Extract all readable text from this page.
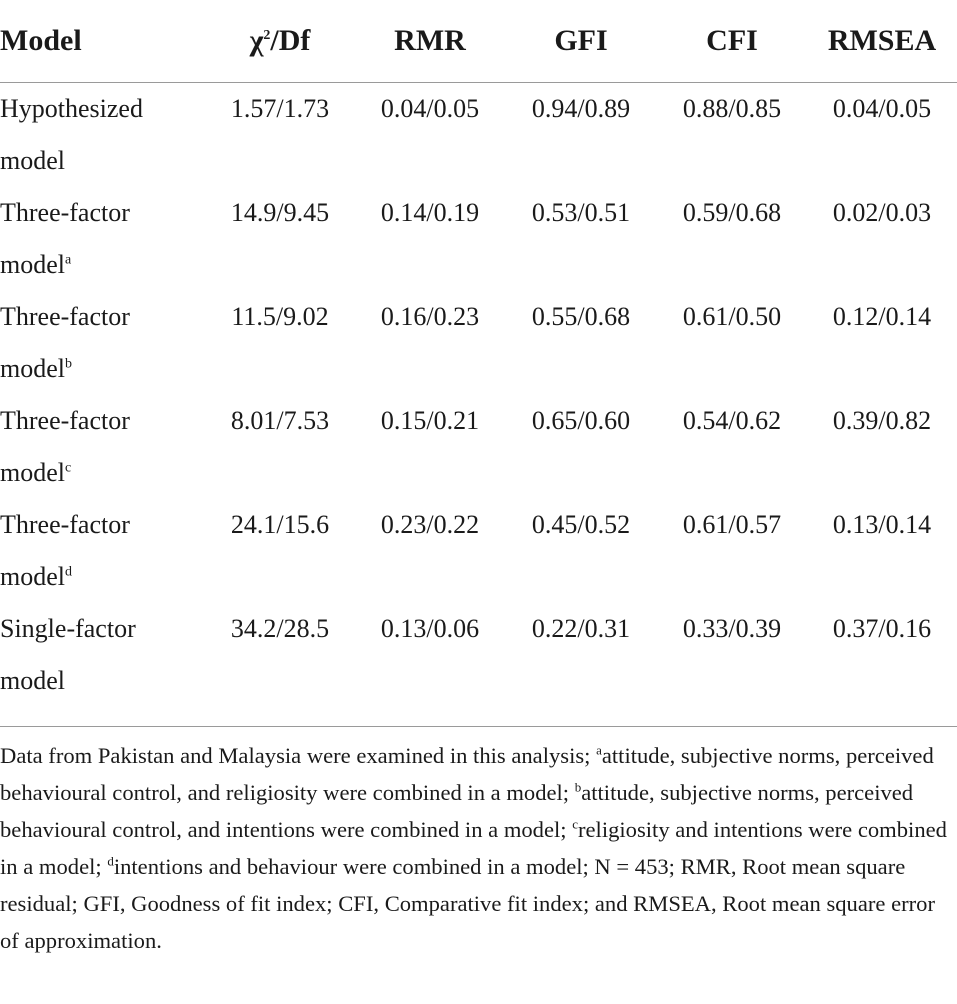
Model	$\chi^2/Df$	RMR	GFI	CFI	RMSEA
Hypothesized
model	1.57/1.73	0.04/0.05	0.94/0.89	0.88/0.85	0.04/0.05
Three-factor
model$^a$	14.9/9.45	0.14/0.19	0.53/0.51	0.59/0.68	0.02/0.03
Three-factor
model$^b$	11.5/9.02	0.16/0.23	0.55/0.68	0.61/0.50	0.12/0.14
Three-factor
model$^c$	8.01/7.53	0.15/0.21	0.65/0.60	0.54/0.62	0.39/0.82
Three-factor
model$^d$	24.1/15.6	0.23/0.22	0.45/0.52	0.61/0.57	0.13/0.14
Single-factor
model	34.2/28.5	0.13/0.06	0.22/0.31	0.33/0.39	0.37/0.16
Data from Pakistan and Malaysia were examined in this analysis; $^a$attitude, subjective norms, perceived behavioural control, and religiosity were combined in a model; $^b$attitude, subjective norms, perceived behavioural control, and intentions were combined in a model; $^c$religiosity and intentions were combined in a model; $^d$intentions and behaviour were combined in a model; N = 453; RMR, Root mean square residual; GFI, Goodness of fit index; CFI, Comparative fit index; and RMSEA, Root mean square error of approximation.
